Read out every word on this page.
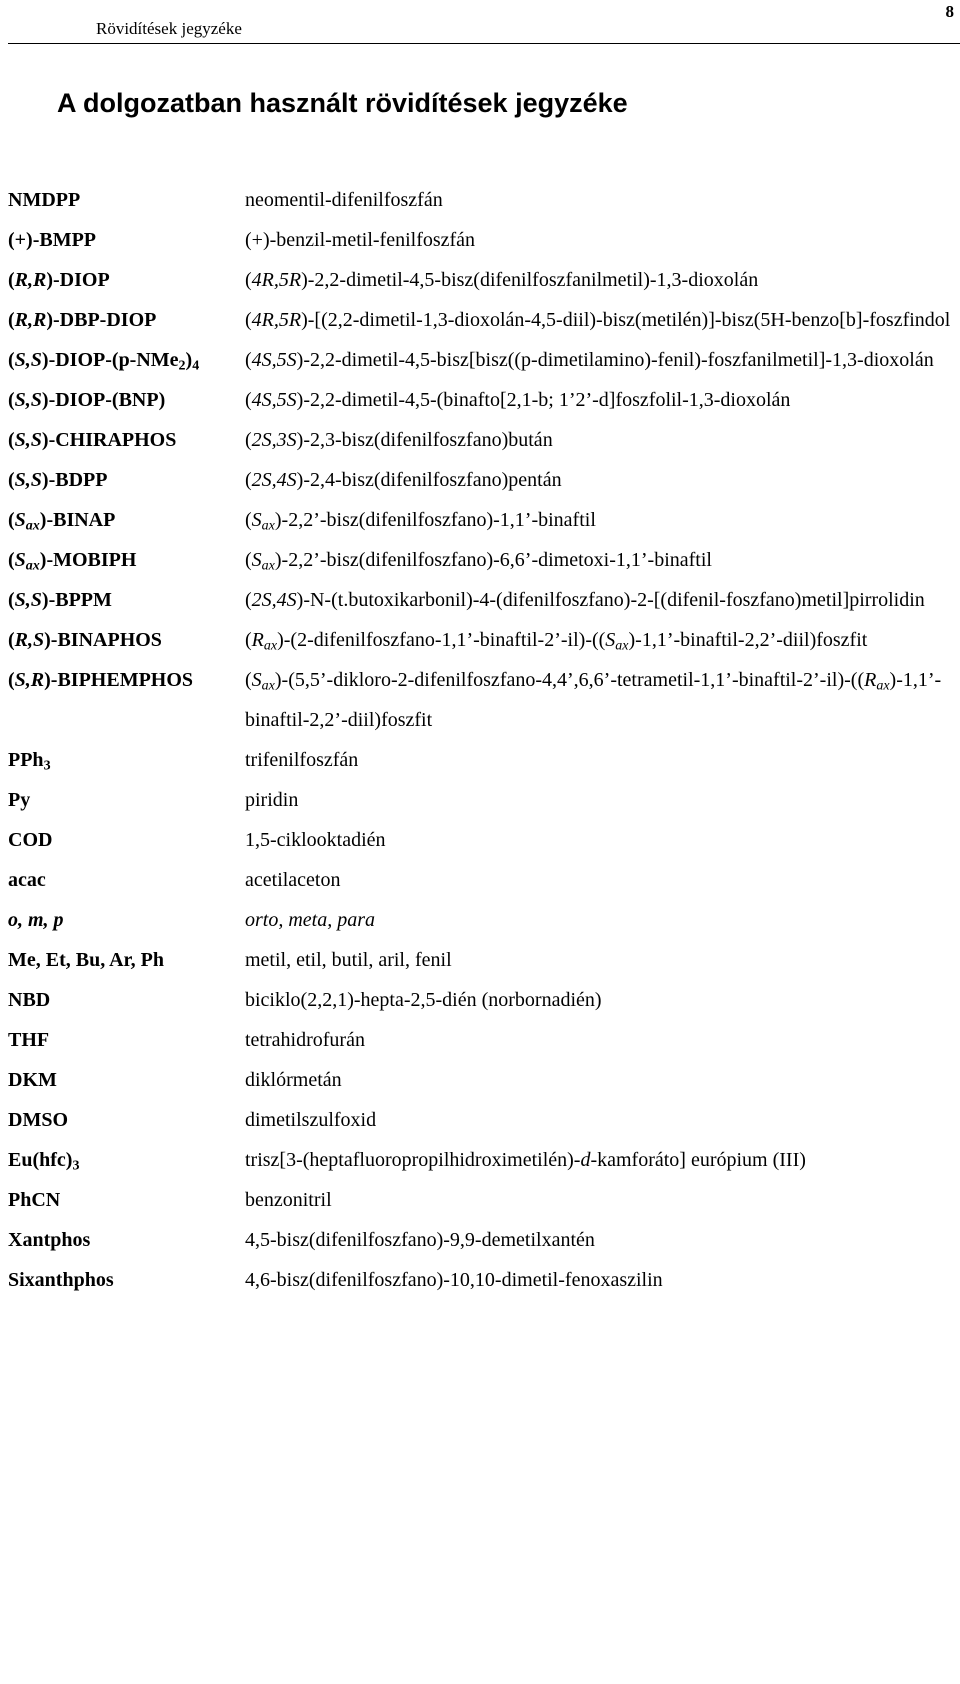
Rövidítések jegyzéke
8
A dolgozatban használt rövidítések jegyzéke
NMDPP	neomentil-difenilfoszfán
(+)-BMPP	(+)-benzil-metil-fenilfoszfán
(R,R)-DIOP	(4R,5R)-2,2-dimetil-4,5-bisz(difenilfoszfanilmetil)-1,3-dioxolán
(R,R)-DBP-DIOP	(4R,5R)-[(2,2-dimetil-1,3-dioxolán-4,5-diil)-bisz(metilén)]-bisz(5H-benzo[b]-foszfindol
$(S,S)-DIOP-(p-NMe_2)_4$	(4S,5S)-2,2-dimetil-4,5-bisz[bisz((p-dimetilamino)-fenil)-foszfanilmetil]-1,3-dioxolán
(S,S)-DIOP-(BNP)	(4S,5S)-2,2-dimetil-4,5-(binafto[2,1-b; 1’2’-d]foszfolil-1,3-dioxolán
(S,S)-CHIRAPHOS	(2S,3S)-2,3-bisz(difenilfoszfano)bután
(S,S)-BDPP	(2S,4S)-2,4-bisz(difenilfoszfano)pentán
$(S_{ax})$-BINAP	$(S_{ax})-2,2’-bisz(difenilfoszfano)-1,1$’-binaftil
$(S_{ax})$-MOBIPH	$(S_{ax})-2,2’-bisz(difenilfoszfano)-6,6’-dimetoxi-1,1$’-binaftil
(S,S)-BPPM	(2S,4S)-N-(t.butoxikarbonil)-4-(difenilfoszfano)-2-[(difenil-foszfano)metil]pirrolidin
(R,S)-BINAPHOS	$(R_{ax})-(2-difenilfoszfano-1,1’-binaftil-2’-il)-((S_{ax})-1,1’-binaftil-2,2’-diil)foszfit$
(S,R)-BIPHEMPHOS	$(S_{ax})-(5,5’-dikloro-2-difenilfoszfano-4,4’,6,6’-tetrametil-1,1’-binaftil-2’-il)-((R_{ax})-1,1’-binaftil-2,2’-diil)foszfit$
PPh$_3$	trifenilfoszfán
Py	piridin
COD	1,5-ciklooktadién
acac	acetilaceton
o, m, p	orto, meta, para
Me, Et, Bu, Ar, Ph	metil, etil, butil, aril, fenil
NBD	biciklo(2,2,1)-hepta-2,5-dién (norbornadién)
THF	tetrahidrofurán
DKM	diklórmetán
DMSO	dimetilszulfoxid
$Eu(hfc)_3$	trisz[3-(heptafluoropropilhidroximetilén)-d-kamforáto] európium (III)
PhCN	benzonitril
Xantphos	4,5-bisz(difenilfoszfano)-9,9-demetilxantén
Sixanthphos	4,6-bisz(difenilfoszfano)-10,10-dimetil-fenoxaszilin
